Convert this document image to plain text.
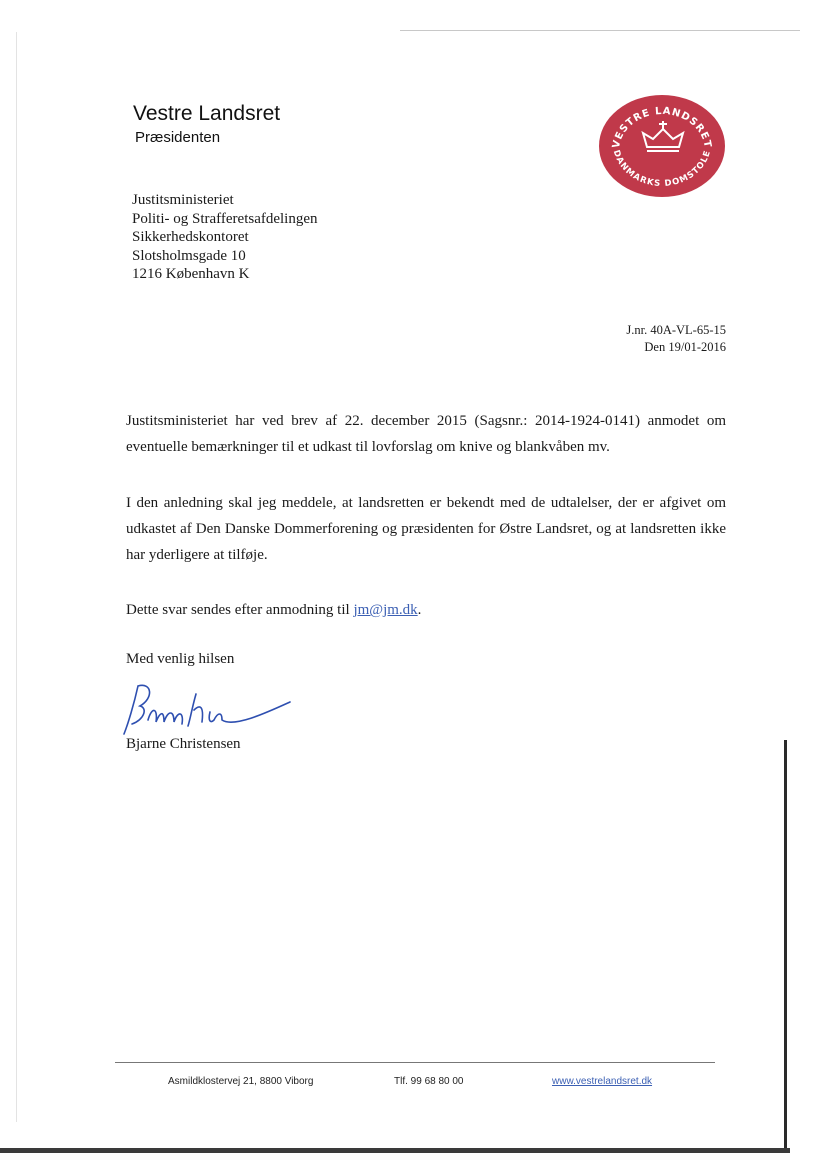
Vestre Landsret
Præsidenten	VESTRE LANDSRET
DANMARKS DOMSTOLE
Justitsministeriet
Politi- og Strafferetsafdelingen
Sikkerhedskontoret
Slotsholmsgade 10
1216 København K
J.nr. 40A-VL-65-15
Den 19/01-2016
Justitsministeriet har ved brev af 22. december 2015 (Sagsnr.: 2014-1924-0141) anmodet om eventuelle bemærkninger til et udkast til lovforslag om knive og blankvåben mv.
I den anledning skal jeg meddele, at landsretten er bekendt med de udtalelser, der er afgivet om udkastet af Den Danske Dommerforening og præsidenten for Østre Landsret, og at landsretten ikke har yderligere at tilføje.
Dette svar sendes efter anmodning til jm@jm.dk.
Med venlig hilsen
Bjarne Christensen
Asmildklostervej 21, 8800 Viborg	Tlf. 99 68 80 00	www.vestrelandsret.dk
